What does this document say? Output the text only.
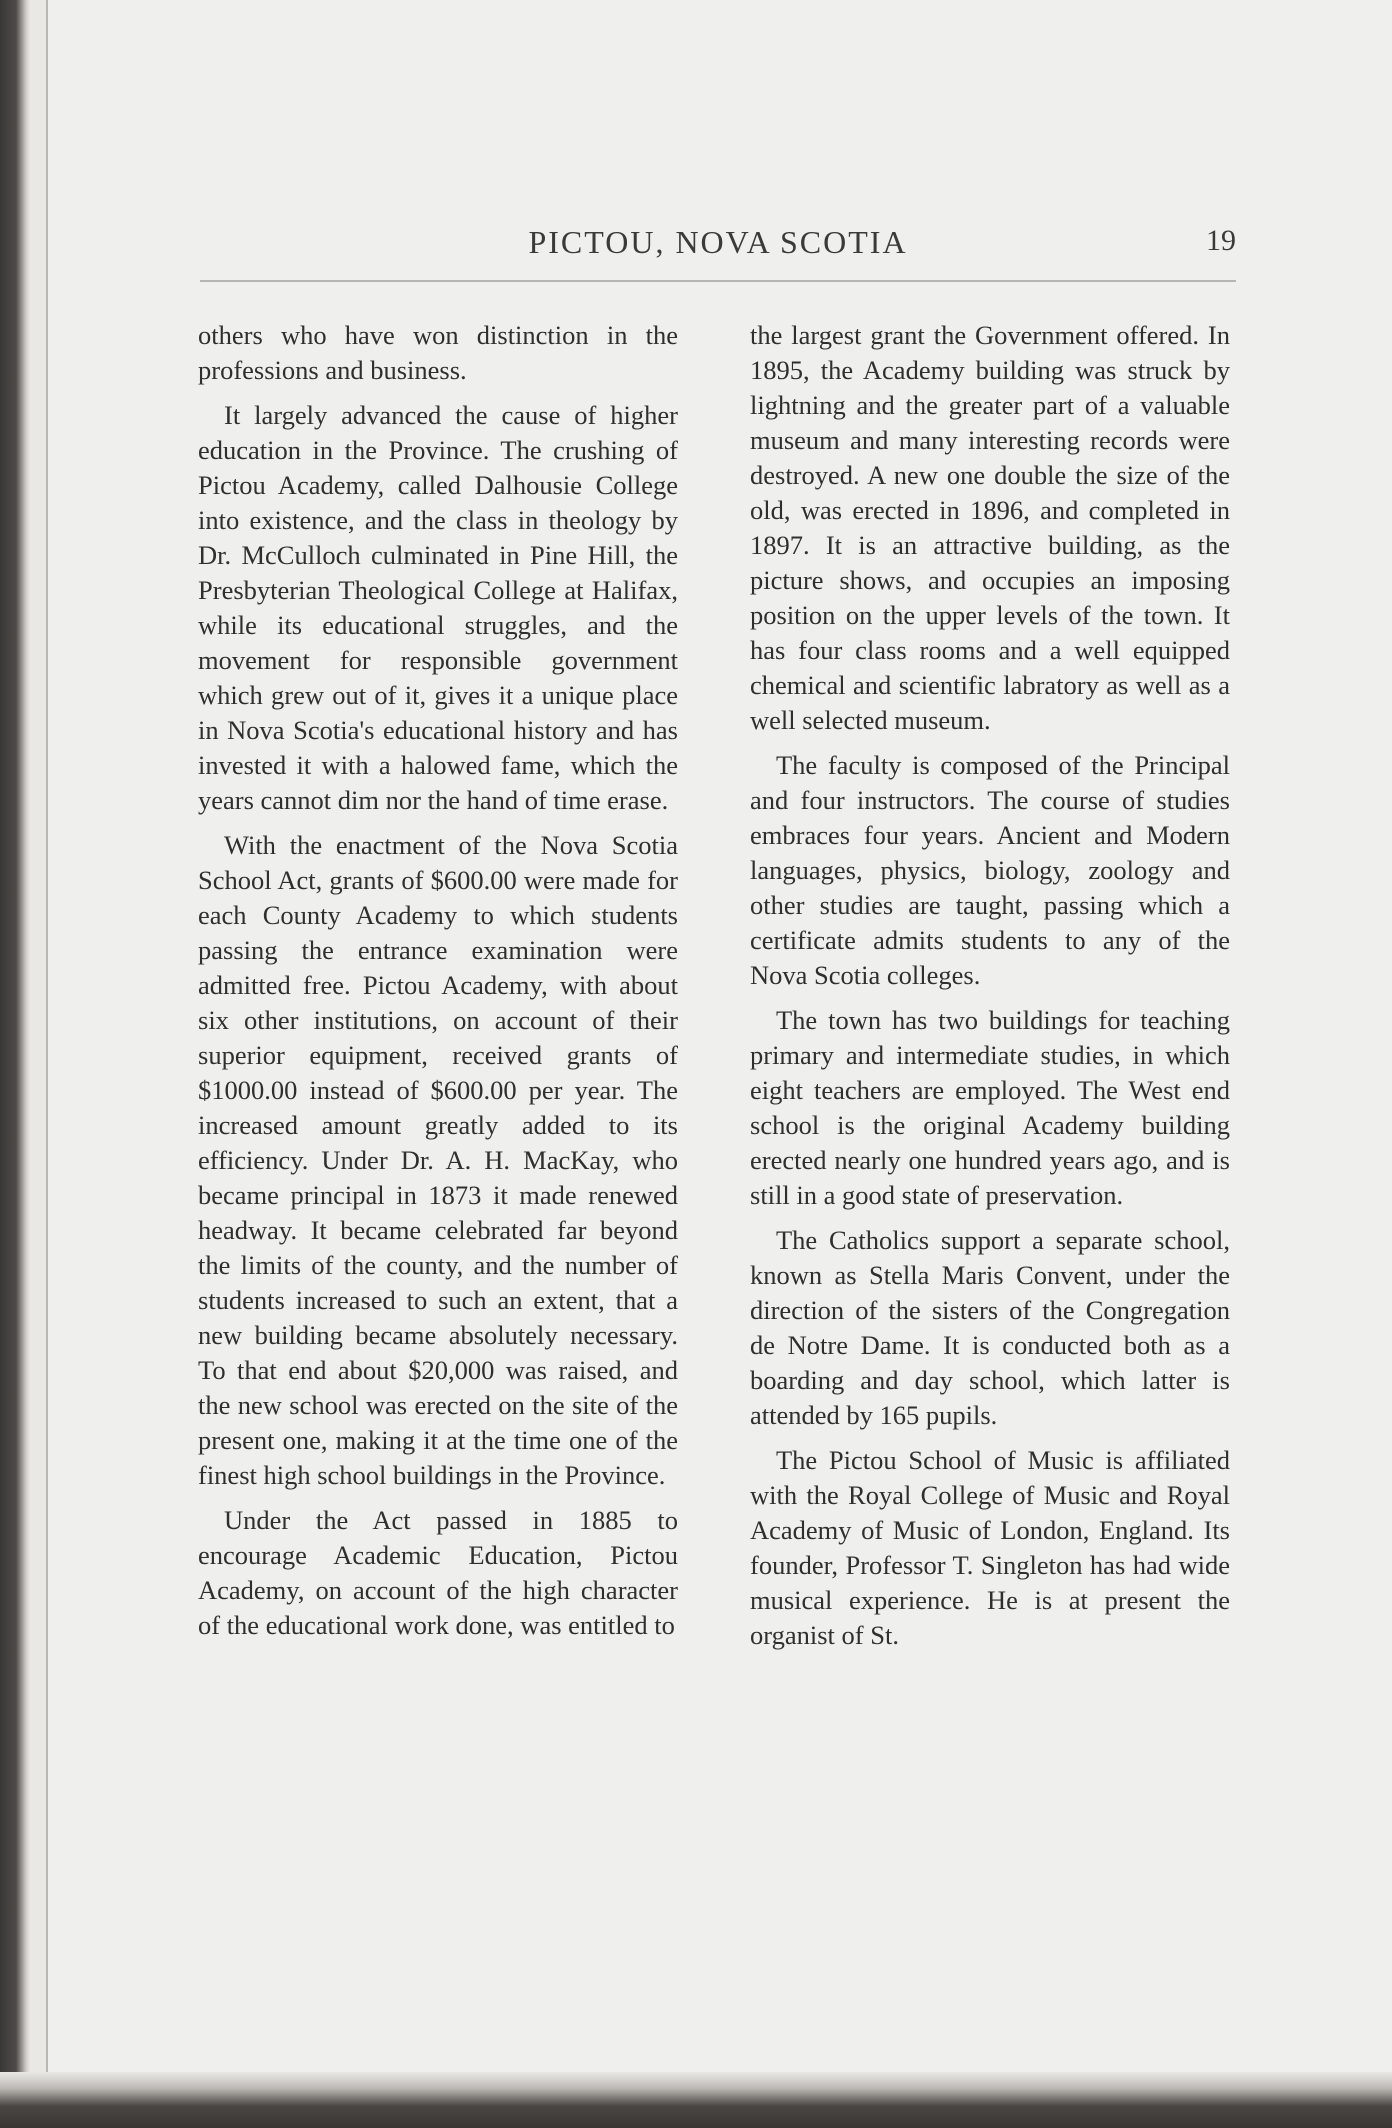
PICTOU, NOVA SCOTIA	19

others who have won distinction in the professions and business.

It largely advanced the cause of higher education in the Province. The crushing of Pictou Academy, called Dalhousie College into existence, and the class in theology by Dr. McCulloch culminated in Pine Hill, the Presbyterian Theological College at Halifax, while its educational struggles, and the movement for responsible government which grew out of it, gives it a unique place in Nova Scotia's educational history and has invested it with a halowed fame, which the years cannot dim nor the hand of time erase.

With the enactment of the Nova Scotia School Act, grants of $600.00 were made for each County Academy to which students passing the entrance examination were admitted free. Pictou Academy, with about six other institutions, on account of their superior equipment, received grants of $1000.00 instead of $600.00 per year. The increased amount greatly added to its efficiency. Under Dr. A. H. MacKay, who became principal in 1873 it made renewed headway. It became celebrated far beyond the limits of the county, and the number of students increased to such an extent, that a new building became absolutely necessary. To that end about $20,000 was raised, and the new school was erected on the site of the present one, making it at the time one of the finest high school buildings in the Province.

Under the Act passed in 1885 to encourage Academic Education, Pictou Academy, on account of the high character of the educational work done, was entitled to

the largest grant the Government offered. In 1895, the Academy building was struck by lightning and the greater part of a valuable museum and many interesting records were destroyed. A new one double the size of the old, was erected in 1896, and completed in 1897. It is an attractive building, as the picture shows, and occupies an imposing position on the upper levels of the town. It has four class rooms and a well equipped chemical and scientific labratory as well as a well selected museum.

The faculty is composed of the Principal and four instructors. The course of studies embraces four years. Ancient and Modern languages, physics, biology, zoology and other studies are taught, passing which a certificate admits students to any of the Nova Scotia colleges.

The town has two buildings for teaching primary and intermediate studies, in which eight teachers are employed. The West end school is the original Academy building erected nearly one hundred years ago, and is still in a good state of preservation.

The Catholics support a separate school, known as Stella Maris Convent, under the direction of the sisters of the Congregation de Notre Dame. It is conducted both as a boarding and day school, which latter is attended by 165 pupils.

The Pictou School of Music is affiliated with the Royal College of Music and Royal Academy of Music of London, England. Its founder, Professor T. Singleton has had wide musical experience. He is at present the organist of St.
